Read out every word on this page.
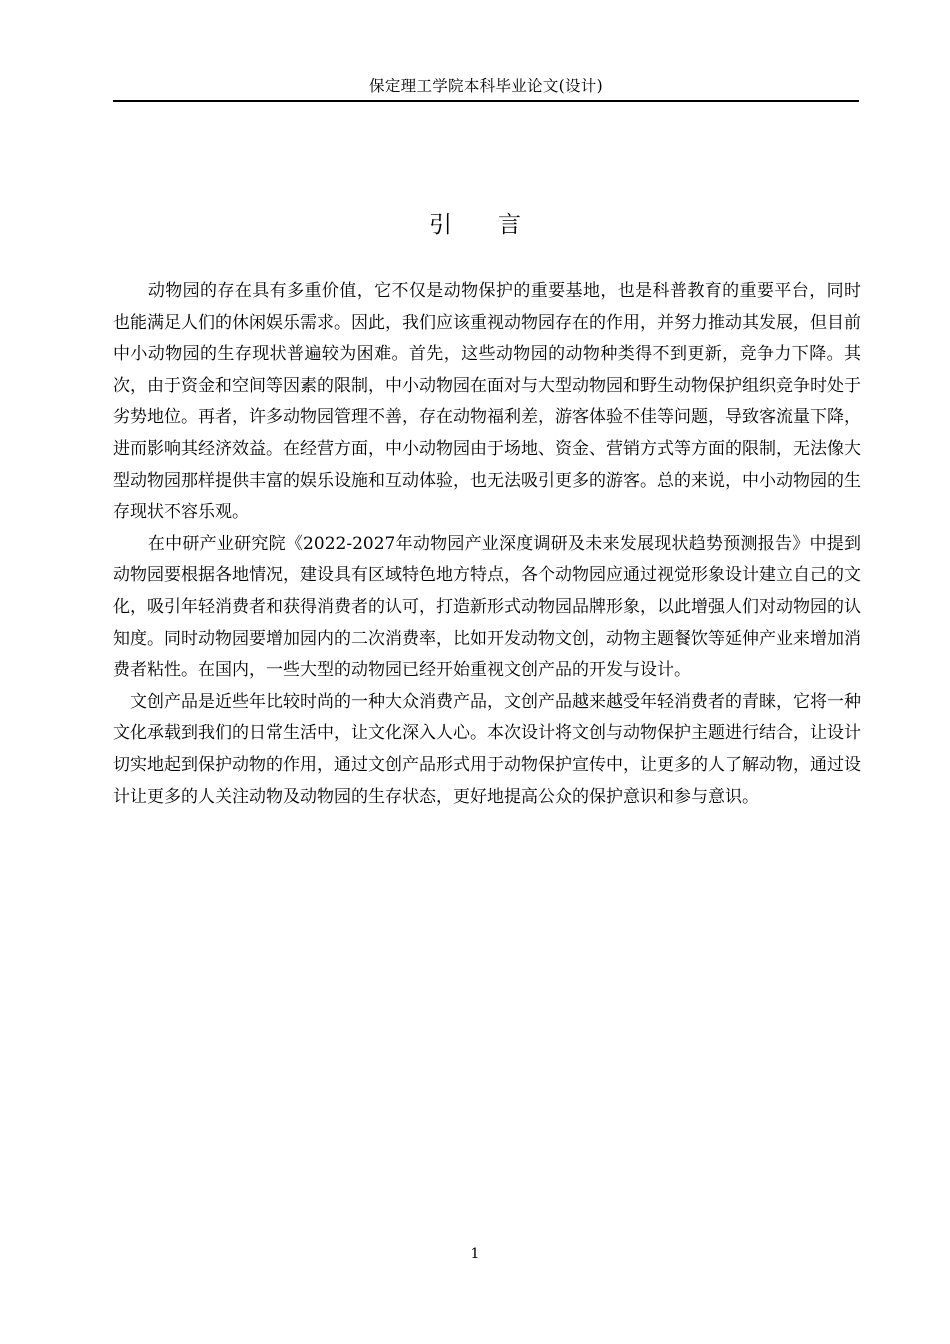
保定理工学院本科毕业论文(设计)
引言

动物园的存在具有多重价值，它不仅是动物保护的重要基地，也是科普教育的重要平台，同时也能满足人们的休闲娱乐需求。因此，我们应该重视动物园存在的作用，并努力推动其发展，但目前中小动物园的生存现状普遍较为困难。首先，这些动物园的动物种类得不到更新，竞争力下降。其次，由于资金和空间等因素的限制，中小动物园在面对与大型动物园和野生动物保护组织竞争时处于劣势地位。再者，许多动物园管理不善，存在动物福利差，游客体验不佳等问题，导致客流量下降，进而影响其经济效益。在经营方面，中小动物园由于场地、资金、营销方式等方面的限制，无法像大型动物园那样提供丰富的娱乐设施和互动体验，也无法吸引更多的游客。总的来说，中小动物园的生存现状不容乐观。

在中研产业研究院《2022-2027年动物园产业深度调研及未来发展现状趋势预测报告》中提到动物园要根据各地情况，建设具有区域特色地方特点，各个动物园应通过视觉形象设计建立自己的文化，吸引年轻消费者和获得消费者的认可，打造新形式动物园品牌形象，以此增强人们对动物园的认知度。同时动物园要增加园内的二次消费率，比如开发动物文创，动物主题餐饮等延伸产业来增加消费者粘性。在国内，一些大型的动物园已经开始重视文创产品的开发与设计。

文创产品是近些年比较时尚的一种大众消费产品，文创产品越来越受年轻消费者的青睐，它将一种文化承载到我们的日常生活中，让文化深入人心。本次设计将文创与动物保护主题进行结合，让设计切实地起到保护动物的作用，通过文创产品形式用于动物保护宣传中，让更多的人了解动物，通过设计让更多的人关注动物及动物园的生存状态，更好地提高公众的保护意识和参与意识。

1
